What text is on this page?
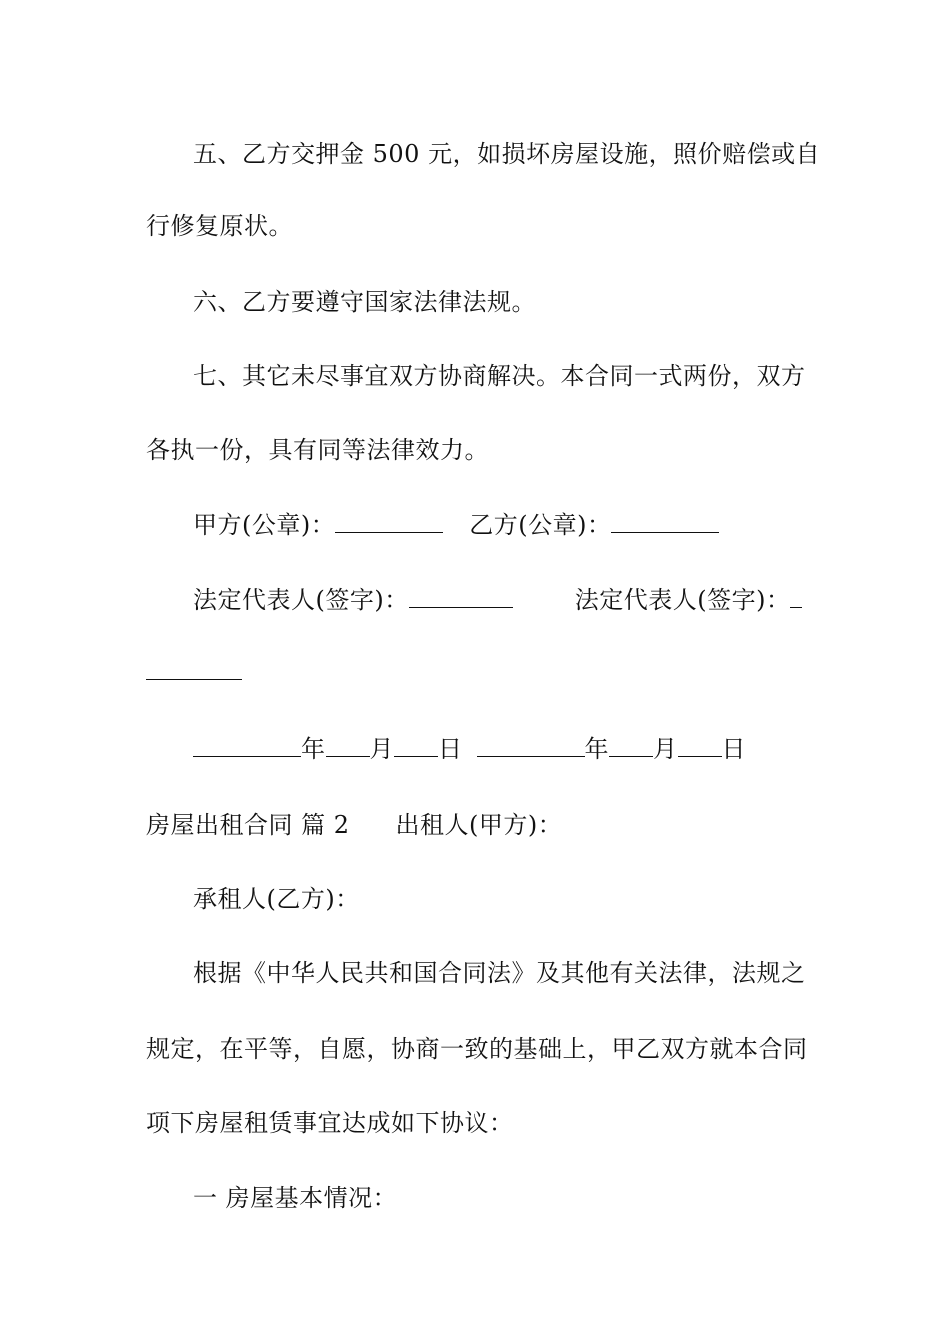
五、乙方交押金 500 元，如损坏房屋设施，照价赔偿或自
行修复原状。
六、乙方要遵守国家法律法规。
七、其它未尽事宜双方协商解决。本合同一式两份，双方
各执一份，具有同等法律效力。
甲方(公章)：	乙方(公章)：
法定代表人(签字)：	法定代表人(签字)：
年 月 日	年 月 日
房屋出租合同 篇 2 出租人(甲方)：
承租人(乙方)：
根据《中华人民共和国合同法》及其他有关法律，法规之
规定，在平等，自愿，协商一致的基础上，甲乙双方就本合同
项下房屋租赁事宜达成如下协议：
一 房屋基本情况：
